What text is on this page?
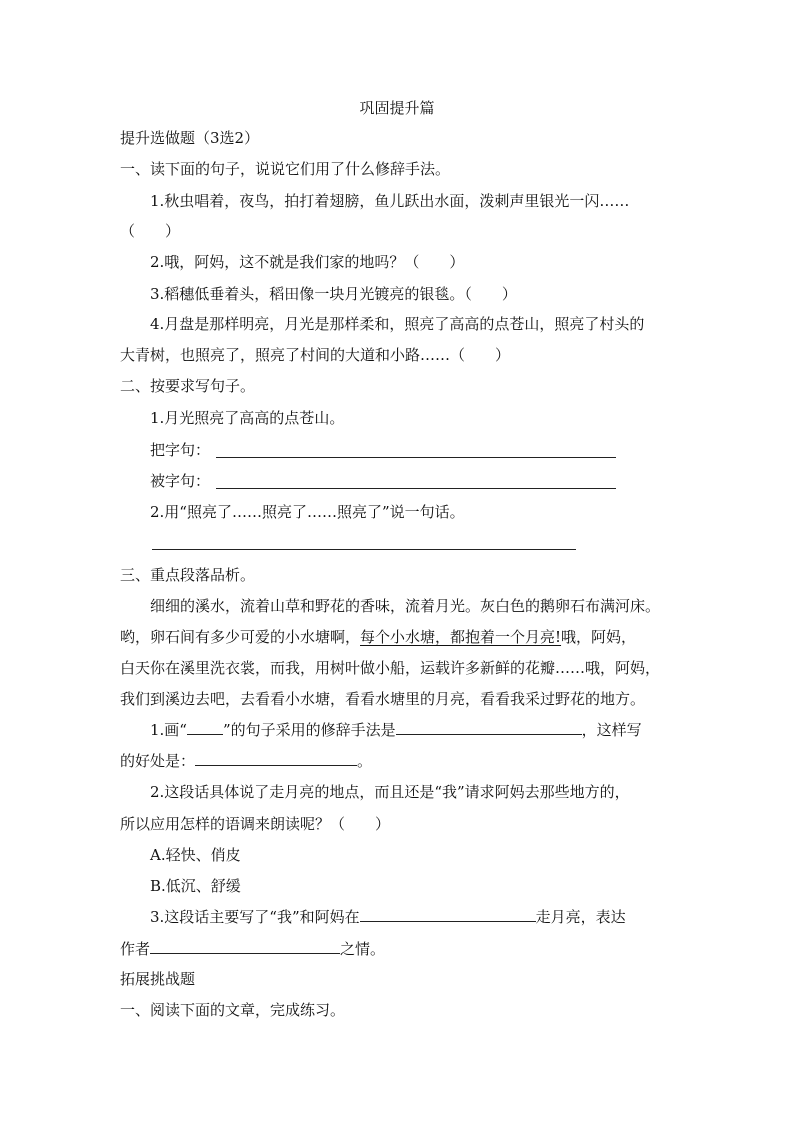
巩固提升篇
提升选做题（3选2）
一、读下面的句子，说说它们用了什么修辞手法。
1.秋虫唱着，夜鸟，拍打着翅膀，鱼儿跃出水面，泼刺声里银光一闪……
（　　）
2.哦，阿妈，这不就是我们家的地吗？（　　）
3.稻穗低垂着头，稻田像一块月光镀亮的银毯。（　　）
4.月盘是那样明亮，月光是那样柔和，照亮了高高的点苍山，照亮了村头的
大青树，也照亮了，照亮了村间的大道和小路……（　　）
二、按要求写句子。
1.月光照亮了高高的点苍山。
把字句：
被字句：
2.用“照亮了……照亮了……照亮了”说一句话。
三、重点段落品析。
细细的溪水，流着山草和野花的香味，流着月光。灰白色的鹅卵石布满河床。
哟，卵石间有多少可爱的小水塘啊，每个小水塘，都抱着一个月亮!哦，阿妈，
白天你在溪里洗衣裳，而我，用树叶做小船，运载许多新鲜的花瓣……哦，阿妈，
我们到溪边去吧，去看看小水塘，看看水塘里的月亮，看看我采过野花的地方。
1.画“ ”的句子采用的修辞手法是	，这样写
的好处是：	。
2.这段话具体说了走月亮的地点，而且还是“我”请求阿妈去那些地方的，
所以应用怎样的语调来朗读呢？（　　）
A.轻快、俏皮
B.低沉、舒缓
3.这段话主要写了“我”和阿妈在	走月亮，表达
作者	之情。
拓展挑战题
一、阅读下面的文章，完成练习。
